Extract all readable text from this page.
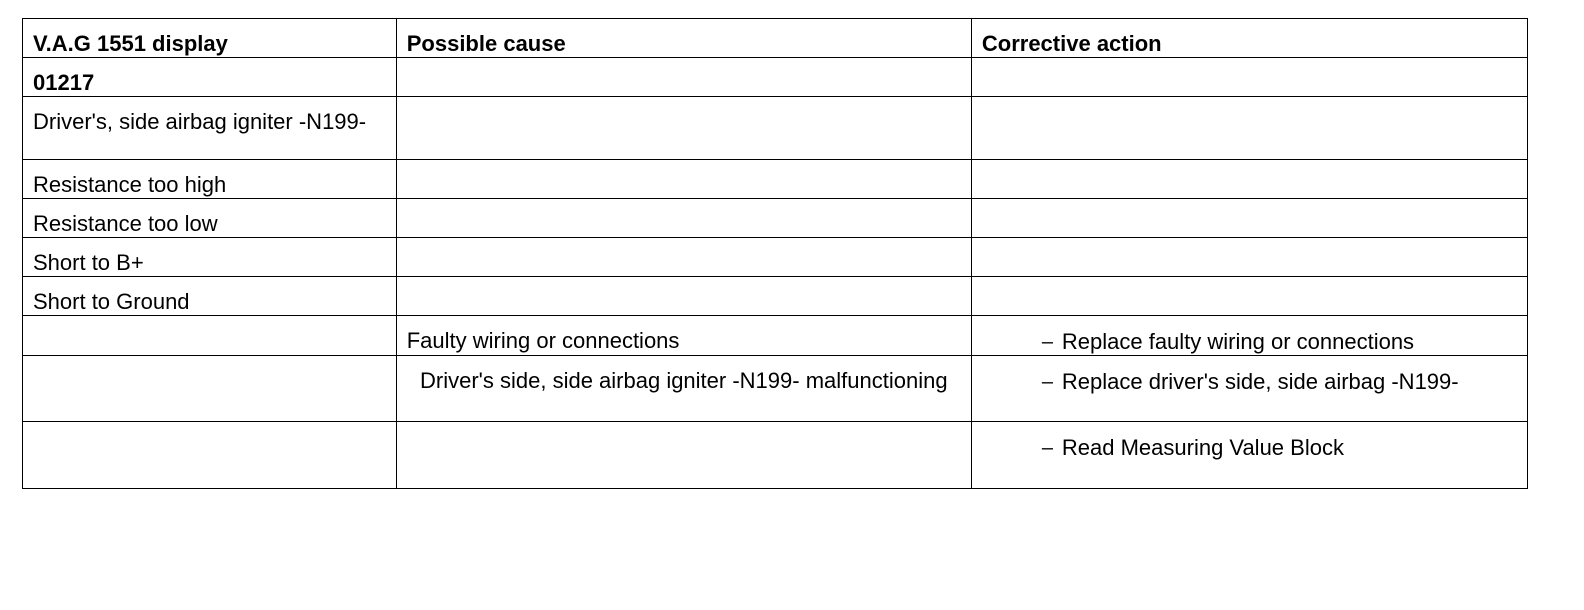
V.A.G 1551 display	Possible cause	Corrective action
01217		
Driver's, side airbag igniter -N199-		
Resistance too high		
Resistance too low		
Short to B+		
Short to Ground		
	Faulty wiring or connections	– Replace faulty wiring or connections

	Driver's side, side airbag igniter -N199- malfunctioning	– Replace driver's side, side airbag -N199-

		– Read Measuring Value Block
